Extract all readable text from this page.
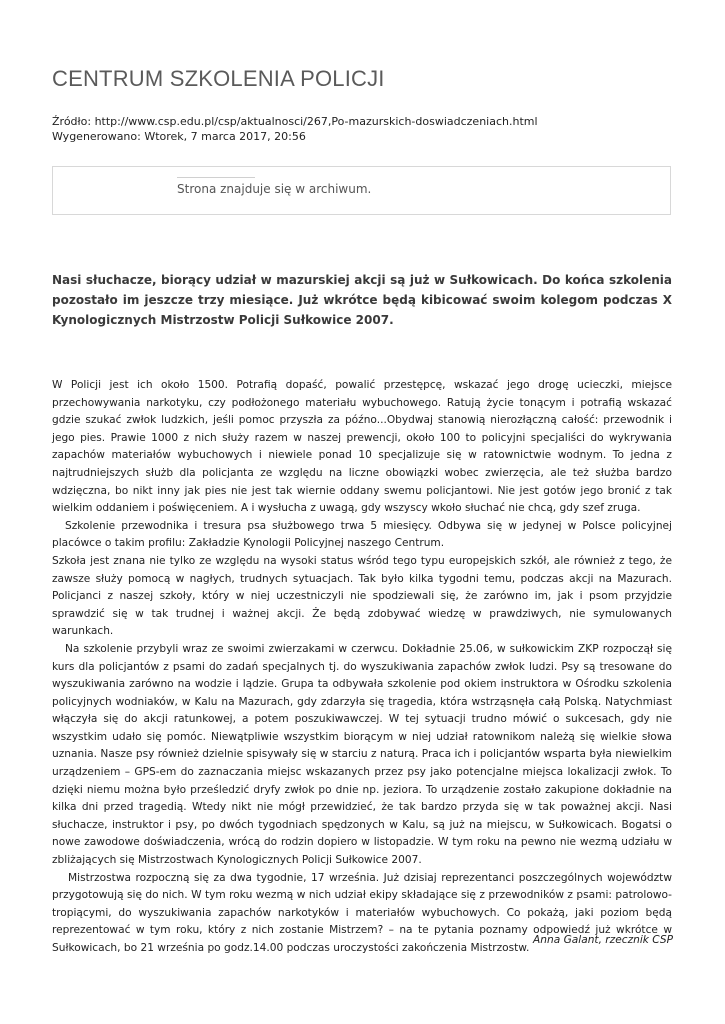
CENTRUM SZKOLENIA POLICJI
Źródło: http://www.csp.edu.pl/csp/aktualnosci/267,Po-mazurskich-doswiadczeniach.html
Wygenerowano: Wtorek, 7 marca 2017, 20:56
Strona znajduje się w archiwum.

Nasi słuchacze, biorący udział w mazurskiej akcji są już w Sułkowicach. Do końca szkolenia pozostało im jeszcze trzy miesiące. Już wkrótce będą kibicować swoim kolegom podczas X Kynologicznych Mistrzostw Policji Sułkowice 2007.

W Policji jest ich około 1500. Potrafią dopaść, powalić przestępcę, wskazać jego drogę ucieczki, miejsce przechowywania narkotyku, czy podłożonego materiału wybuchowego. Ratują życie tonącym i potrafią wskazać gdzie szukać zwłok ludzkich, jeśli pomoc przyszła za późno...Obydwaj stanowią nierozłączną całość: przewodnik i jego pies. Prawie 1000 z nich służy razem w naszej prewencji, około 100 to policyjni specjaliści do wykrywania zapachów materiałów wybuchowych i niewiele ponad 10 specjalizuje się w ratownictwie wodnym. To jedna z najtrudniejszych służb dla policjanta ze względu na liczne obowiązki wobec zwierzęcia, ale też służba bardzo wdzięczna, bo nikt inny jak pies nie jest tak wiernie oddany swemu policjantowi. Nie jest gotów jego bronić z tak wielkim oddaniem i poświęceniem. A i wysłucha z uwagą, gdy wszyscy wkoło słuchać nie chcą, gdy szef zruga.

Szkolenie przewodnika i tresura psa służbowego trwa 5 miesięcy. Odbywa się w jedynej w Polsce policyjnej placówce o takim profilu: Zakładzie Kynologii Policyjnej naszego Centrum.

Szkoła jest znana nie tylko ze względu na wysoki status wśród tego typu europejskich szkół, ale również z tego, że zawsze służy pomocą w nagłych, trudnych sytuacjach. Tak było kilka tygodni temu, podczas akcji na Mazurach. Policjanci z naszej szkoły, który w niej uczestniczyli nie spodziewali się, że zarówno im, jak i psom przyjdzie sprawdzić się w tak trudnej i ważnej akcji. Że będą zdobywać wiedzę w prawdziwych, nie symulowanych warunkach.

Na szkolenie przybyli wraz ze swoimi zwierzakami w czerwcu. Dokładnie 25.06, w sułkowickim ZKP rozpoczął się kurs dla policjantów z psami do zadań specjalnych tj. do wyszukiwania zapachów zwłok ludzi. Psy są tresowane do wyszukiwania zarówno na wodzie i lądzie. Grupa ta odbywała szkolenie pod okiem instruktora w Ośrodku szkolenia policyjnych wodniaków, w Kalu na Mazurach, gdy zdarzyła się tragedia, która wstrząsnęła całą Polską. Natychmiast włączyła się do akcji ratunkowej, a potem poszukiwawczej. W tej sytuacji trudno mówić o sukcesach, gdy nie wszystkim udało się pomóc. Niewątpliwie wszystkim biorącym w niej udział ratownikom należą się wielkie słowa uznania. Nasze psy również dzielnie spisywały się w starciu z naturą. Praca ich i policjantów wsparta była niewielkim urządzeniem – GPS-em do zaznaczania miejsc wskazanych przez psy jako potencjalne miejsca lokalizacji zwłok. To dzięki niemu można było prześledzić dryfy zwłok po dnie np. jeziora. To urządzenie zostało zakupione dokładnie na kilka dni przed tragedią. Wtedy nikt nie mógł przewidzieć, że tak bardzo przyda się w tak poważnej akcji. Nasi słuchacze, instruktor i psy, po dwóch tygodniach spędzonych w Kalu, są już na miejscu, w Sułkowicach. Bogatsi o nowe zawodowe doświadczenia, wrócą do rodzin dopiero w listopadzie. W tym roku na pewno nie wezmą udziału w zbliżających się Mistrzostwach Kynologicznych Policji Sułkowice 2007.

Mistrzostwa rozpoczną się za dwa tygodnie, 17 września. Już dzisiaj reprezentanci poszczególnych województw przygotowują się do nich. W tym roku wezmą w nich udział ekipy składające się z przewodników z psami: patrolowo-tropiącymi, do wyszukiwania zapachów narkotyków i materiałów wybuchowych. Co pokażą, jaki poziom będą reprezentować w tym roku, który z nich zostanie Mistrzem? – na te pytania poznamy odpowiedź już wkrótce w Sułkowicach, bo 21 września po godz.14.00 podczas uroczystości zakończenia Mistrzostw.

Anna Galant, rzecznik CSP
